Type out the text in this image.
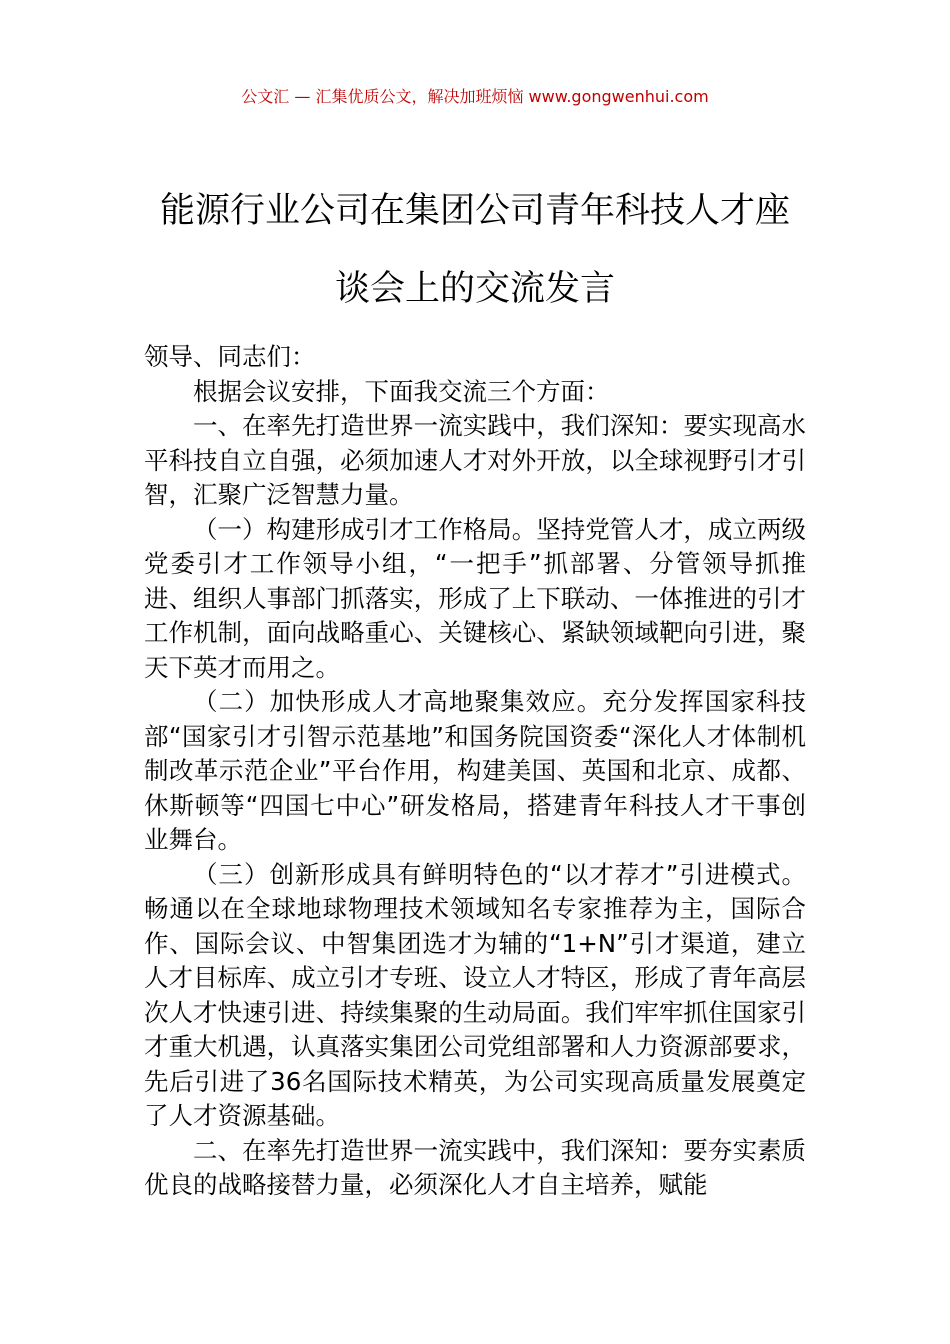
公文汇 — 汇集优质公文，解决加班烦恼 www.gongwenhui.com
能源行业公司在集团公司青年科技人才座
谈会上的交流发言

领导、同志们：

根据会议安排，下面我交流三个方面：

一、在率先打造世界一流实践中，我们深知：要实现高水平科技自立自强，必须加速人才对外开放，以全球视野引才引智，汇聚广泛智慧力量。

（一）构建形成引才工作格局。坚持党管人才，成立两级党委引才工作领导小组，“一把手”抓部署、分管领导抓推进、组织人事部门抓落实，形成了上下联动、一体推进的引才工作机制，面向战略重心、关键核心、紧缺领域靶向引进，聚天下英才而用之。

（二）加快形成人才高地聚集效应。充分发挥国家科技部“国家引才引智示范基地”和国务院国资委“深化人才体制机制改革示范企业”平台作用，构建美国、英国和北京、成都、休斯顿等“四国七中心”研发格局，搭建青年科技人才干事创业舞台。

（三）创新形成具有鲜明特色的“以才荐才”引进模式。畅通以在全球地球物理技术领域知名专家推荐为主，国际合作、国际会议、中智集团选才为辅的“1+N”引才渠道，建立人才目标库、成立引才专班、设立人才特区，形成了青年高层次人才快速引进、持续集聚的生动局面。我们牢牢抓住国家引才重大机遇，认真落实集团公司党组部署和人力资源部要求，先后引进了36名国际技术精英，为公司实现高质量发展奠定了人才资源基础。

二、在率先打造世界一流实践中，我们深知：要夯实素质优良的战略接替力量，必须深化人才自主培养，赋能
